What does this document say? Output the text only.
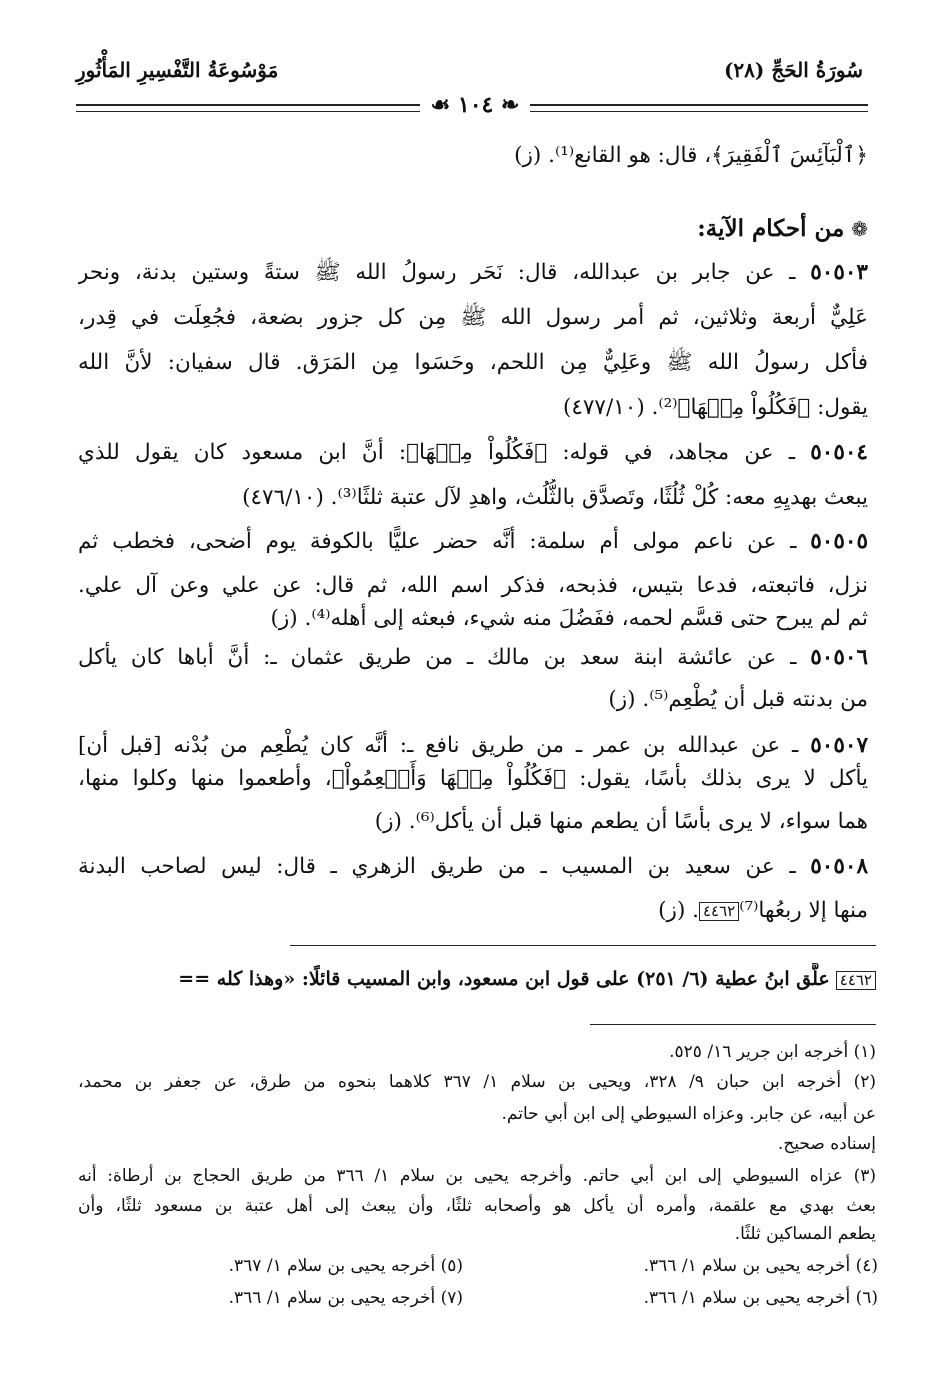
سُورَةُ الحَجِّ (٢٨)
مَوْسُوعَةُ التَّفْسِيرِ المَأْثُورِ
❧ ١٠٤ ☙
﴿ٱلْبَآئِسَ ٱلْفَقِيرَ﴾، قال: هو القانع⁽¹⁾. (ز)
❁ من أحكام الآية:
٥٠٥٠٣ ـ عن جابر بن عبدالله، قال: نَحَر رسولُ الله ﷺ ستةً وستين بدنة، ونحر
عَلِيٌّ أربعة وثلاثين، ثم أمر رسول الله ﷺ مِن كل جزور بضعة، فجُعِلَت في قِدر،
فأكل رسولُ الله ﷺ وعَلِيٌّ مِن اللحم، وحَسَوا مِن المَرَق. قال سفيان: لأنَّ الله
يقول: ﴿فَكُلُواْ مِنۡهَا﴾⁽²⁾. (٤٧٧/١٠)
٥٠٥٠٤ ـ عن مجاهد، في قوله: ﴿فَكُلُواْ مِنۡهَا﴾: أنَّ ابن مسعود كان يقول للذي
يبعث بهديِهِ معه: كُلْ ثُلُثًا، وتَصدَّق بالثُّلُث، واهدِ لآل عتبة ثلثًا⁽³⁾. (٤٧٦/١٠)
٥٠٥٠٥ ـ عن ناعم مولى أم سلمة: أنَّه حضر عليًّا بالكوفة يوم أضحى، فخطب ثم
نزل، فاتبعته، فدعا بتيس، فذبحه، فذكر اسم الله، ثم قال: عن علي وعن آل علي.
ثم لم يبرح حتى قسَّم لحمه، ففَضُلَ منه شيء، فبعثه إلى أهله⁽⁴⁾. (ز)
٥٠٥٠٦ ـ عن عائشة ابنة سعد بن مالك ـ من طريق عثمان ـ: أنَّ أباها كان يأكل
من بدنته قبل أن يُطْعِم⁽⁵⁾. (ز)
٥٠٥٠٧ ـ عن عبدالله بن عمر ـ من طريق نافع ـ: أنَّه كان يُطْعِم من بُدْنه [قبل أن]
يأكل لا يرى بذلك بأسًا، يقول: ﴿فَكُلُواْ مِنۡهَا وَأَطۡعِمُواْ﴾، وأطعموا منها وكلوا منها،
هما سواء، لا يرى بأسًا أن يطعم منها قبل أن يأكل⁽⁶⁾. (ز)
٥٠٥٠٨ ـ عن سعيد بن المسيب ـ من طريق الزهري ـ قال: ليس لصاحب البدنة
منها إلا ربعُها⁽⁷⁾٤٤٦٢. (ز)
٤٤٦٢ علَّق ابنُ عطية (٦/ ٢٥١) على قول ابن مسعود، وابن المسيب قائلًا: «وهذا كله ==
(١) أخرجه ابن جرير ١٦/ ٥٢٥.
(٢) أخرجه ابن حبان ٩/ ٣٢٨، ويحيى بن سلام ١/ ٣٦٧ كلاهما بنحوه من طرق، عن جعفر بن محمد،
عن أبيه، عن جابر. وعزاه السيوطي إلى ابن أبي حاتم.
إسناده صحيح.
(٣) عزاه السيوطي إلى ابن أبي حاتم. وأخرجه يحيى بن سلام ١/ ٣٦٦ من طريق الحجاج بن أرطاة: أنه
بعث بهدي مع علقمة، وأمره أن يأكل هو وأصحابه ثلثًا، وأن يبعث إلى أهل عتبة بن مسعود ثلثًا، وأن
يطعم المساكين ثلثًا.
(٤) أخرجه يحيى بن سلام ١/ ٣٦٦.
(٥) أخرجه يحيى بن سلام ١/ ٣٦٧.
(٦) أخرجه يحيى بن سلام ١/ ٣٦٦.
(٧) أخرجه يحيى بن سلام ١/ ٣٦٦.
